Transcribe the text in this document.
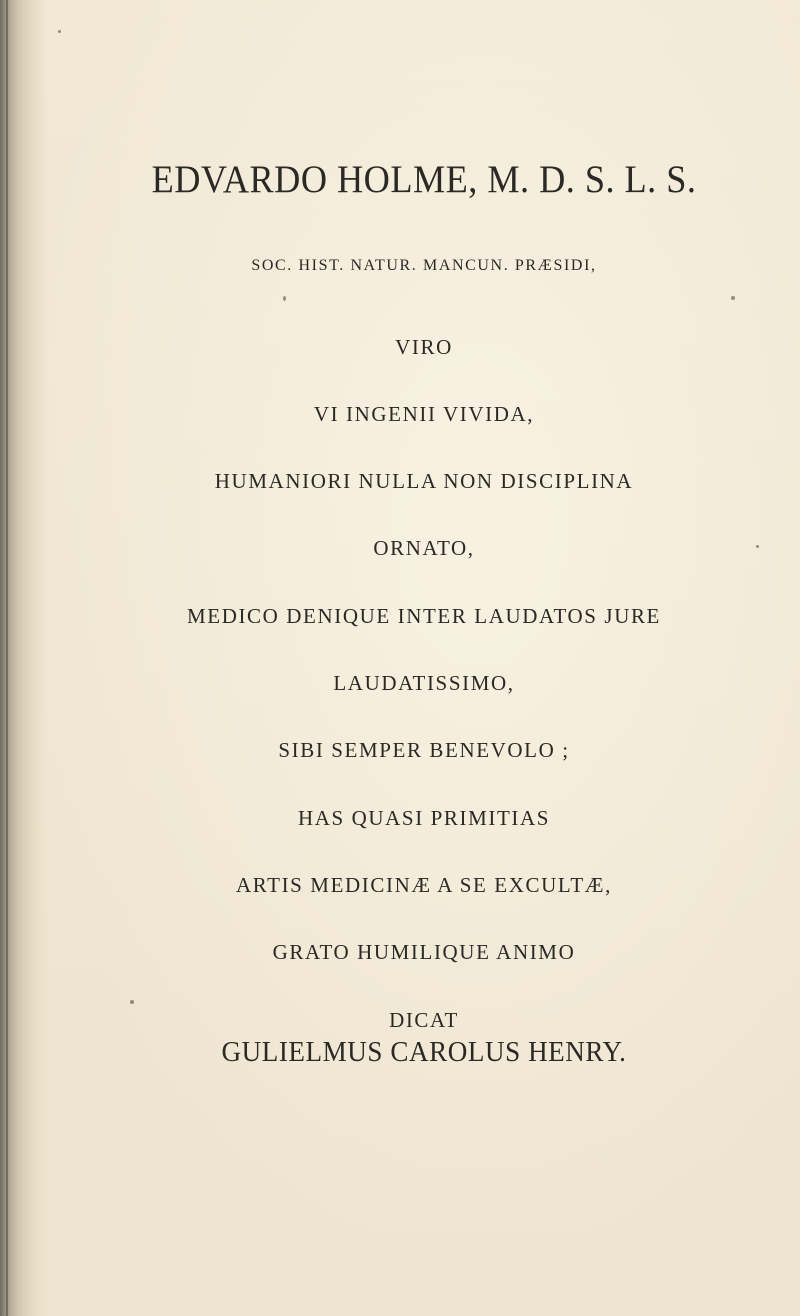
EDVARDO HOLME, M. D. S. L. S.
SOC. HIST. NATUR. MANCUN. PRÆSIDI,
VIRO
VI INGENII VIVIDA,
HUMANIORI NULLA NON DISCIPLINA
ORNATO,
MEDICO DENIQUE INTER LAUDATOS JURE
LAUDATISSIMO,
SIBI SEMPER BENEVOLO ;
HAS QUASI PRIMITIAS
ARTIS MEDICINÆ A SE EXCULTÆ,
GRATO HUMILIQUE ANIMO
DICAT
GULIELMUS CAROLUS HENRY.
